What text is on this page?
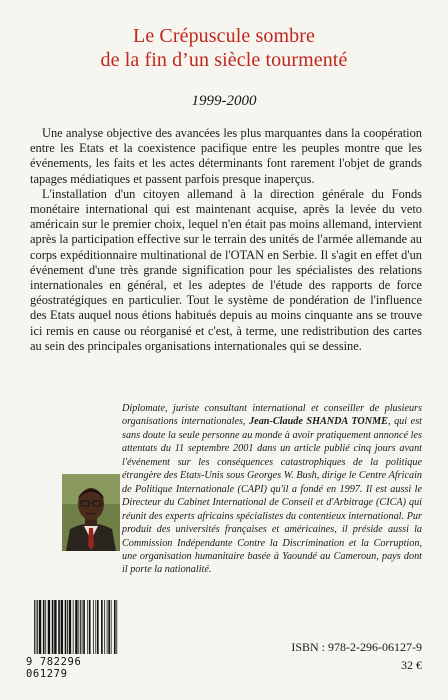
Le Crépuscule sombre
de la fin d’un siècle tourmenté
1999-2000

Une analyse objective des avancées les plus marquantes dans la coopération entre les Etats et la coexistence pacifique entre les peuples montre que les événements, les faits et les actes déterminants font rarement l'objet de grands tapages médiatiques et passent parfois presque inaperçus.

L'installation d'un citoyen allemand à la direction générale du Fonds monétaire international qui est maintenant acquise, après la levée du veto américain sur le premier choix, lequel n'en était pas moins allemand, intervient après la participation effective sur le terrain des unités de l'armée allemande au corps expéditionnaire multinational de l'OTAN en Serbie. Il s'agit en effet d'un événement d'une très grande signification pour les spécialistes des relations internationales en général, et les adeptes de l'étude des rapports de force géostratégiques en particulier. Tout le système de pondération de l'influence des Etats auquel nous étions habitués depuis au moins cinquante ans se trouve ici remis en cause ou réorganisé et c'est, à terme, une redistribution des cartes au sein des principales organisations internationales qui se dessine.

Diplomate, juriste consultant international et conseiller de plusieurs organisations internationales, Jean-Claude SHANDA TONME, qui est sans doute la seule personne au monde à avoir pratiquement annoncé les attentats du 11 septembre 2001 dans un article publié cinq jours avant l'événement sur les conséquences catastrophiques de la politique étrangère des Etats-Unis sous Georges W. Bush, dirige le Centre Africain de Politique Internationale (CAPI) qu'il a fondé en 1997. Il est aussi le Directeur du Cabinet International de Conseil et d'Arbitrage (CICA) qui réunit des experts africains spécialistes du contentieux international. Pur produit des universités françaises et américaines, il préside aussi la Commission Indépendante Contre la Discrimination et la Corruption, une organisation humanitaire basée à Yaoundé au Cameroun, pays dont il porte la nationalité.
9 782296 061279
ISBN : 978-2-296-06127-9
32 €
